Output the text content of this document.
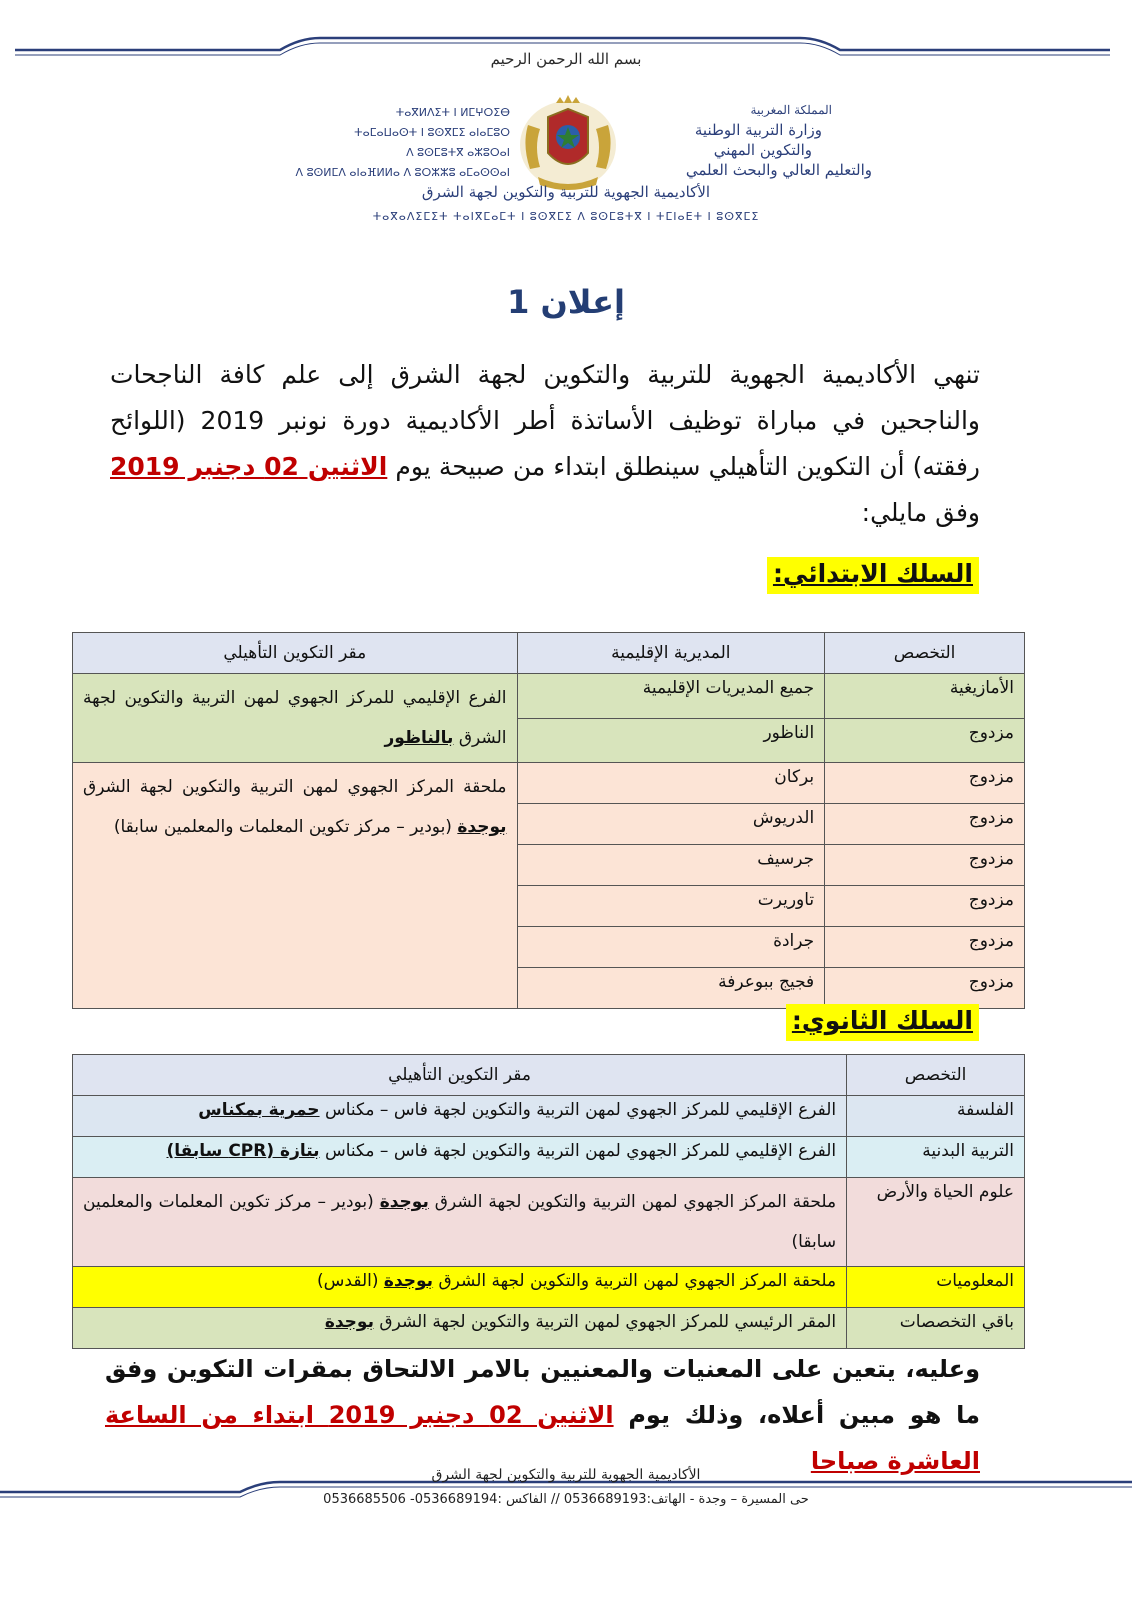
بسم الله الرحمن الرحيم
المملكة المغربية
وزارة التربية الوطنية
والتكوين المهني
والتعليم العالي والبحث العلمي
ⵜⴰⴳⵍⴷⵉⵜ ⵏ ⵍⵎⵖⵔⵉⴱ
ⵜⴰⵎⴰⵡⴰⵙⵜ ⵏ ⵓⵙⴳⵎⵉ ⴰⵏⴰⵎⵓⵔ
ⴷ ⵓⵙⵎⵓⵜⴳ ⴰⵣⵓⵔⴰⵏ
ⴷ ⵓⵙⵍⵎⴷ ⴰⵏⴰⴼⵍⵍⴰ ⴷ ⵓⵔⵣⵣⵓ ⴰⵎⴰⵙⵙⴰⵏ
الأكاديمية الجهوية للتربية والتكوين لجهة الشرق
ⵜⴰⴳⴰⴷⵉⵎⵉⵜ ⵜⴰⵏⴳⵎⴰⵎⵜ ⵏ ⵓⵙⴳⵎⵉ ⴷ ⵓⵙⵎⵓⵜⴳ ⵏ ⵜⵎⵏⴰⴹⵜ ⵏ ⵓⵙⴳⵎⵉ
إعلان 1
تنهي الأكاديمية الجهوية للتربية والتكوين لجهة الشرق إلى علم كافة الناجحات والناجحين في مباراة توظيف الأساتذة أطر الأكاديمية دورة نونبر 2019 (اللوائح رفقته) أن التكوين التأهيلي سينطلق ابتداء من صبيحة يوم الاثنين 02 دجنبر 2019 وفق مايلي:
السلك الابتدائي:
التخصص	المديرية الإقليمية	مقر التكوين التأهيلي
الأمازيغية	جميع المديريات الإقليمية	الفرع الإقليمي للمركز الجهوي لمهن التربية والتكوين لجهة الشرق بالناظور
مزدوج	الناظور	
مزدوج	بركان	ملحقة المركز الجهوي لمهن التربية والتكوين لجهة الشرق بوجدة (بودير – مركز تكوين المعلمات والمعلمين سابقا)
مزدوج	الدريوش	
مزدوج	جرسيف	
مزدوج	تاوريرت	
مزدوج	جرادة	
مزدوج	فجيج ببوعرفة	
السلك الثانوي:
التخصص	مقر التكوين التأهيلي
الفلسفة	الفرع الإقليمي للمركز الجهوي لمهن التربية والتكوين لجهة فاس – مكناس حمرية بمكناس
التربية البدنية	الفرع الإقليمي للمركز الجهوي لمهن التربية والتكوين لجهة فاس – مكناس بتازة (CPR سابقا)
علوم الحياة والأرض	ملحقة المركز الجهوي لمهن التربية والتكوين لجهة الشرق بوجدة (بودير – مركز تكوين المعلمات والمعلمين سابقا)
المعلوميات	ملحقة المركز الجهوي لمهن التربية والتكوين لجهة الشرق بوجدة (القدس)
باقي التخصصات	المقر الرئيسي للمركز الجهوي لمهن التربية والتكوين لجهة الشرق بوجدة
وعليه، يتعين على المعنيات والمعنيين بالامر الالتحاق بمقرات التكوين وفق ما هو مبين أعلاه، وذلك يوم الاثنين 02 دجنبر 2019 ابتداء من الساعة العاشرة صباحا
الأكاديمية الجهوية للتربية والتكوين لجهة الشرق
حى المسيرة – وجدة - الهاتف:0536689193 // الفاكس :0536689194- 0536685506
